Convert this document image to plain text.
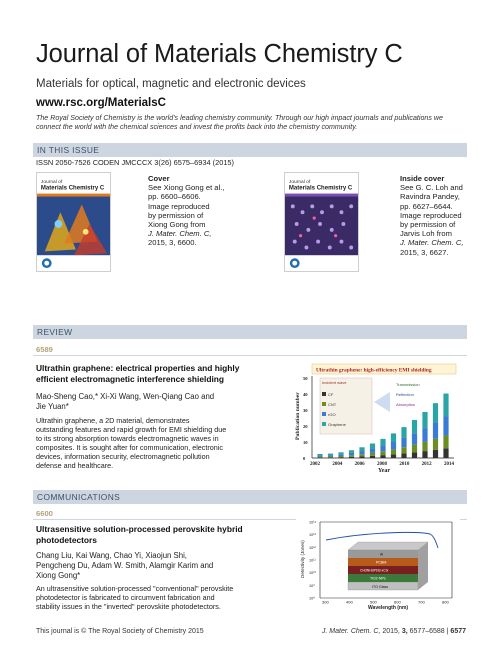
Journal of Materials Chemistry C
Materials for optical, magnetic and electronic devices
www.rsc.org/MaterialsC
The Royal Society of Chemistry is the world's leading chemistry community. Through our high impact journals and publications we connect the world with the chemical sciences and invest the profits back into the chemistry community.
IN THIS ISSUE
ISSN 2050-7526 CODEN JMCCCX 3(26) 6575–6934 (2015)
Journal of
Materials Chemistry C
Cover
See Xiong Gong et al.,
pp. 6600–6606.
Image reproduced
by permission of
Xiong Gong from
J. Mater. Chem. C,
2015, 3, 6600.
Journal of
Materials Chemistry C
Inside cover
See G. C. Loh and
Ravindra Pandey,
pp. 6627–6644.
Image reproduced
by permission of
Jarvis Loh from
J. Mater. Chem. C,
2015, 3, 6627.
REVIEW
6589
Ultrathin graphene: electrical properties and highly
efficient electromagnetic interference shielding
Mao-Sheng Cao,* Xi-Xi Wang, Wen-Qiang Cao and
Jie Yuan*
Ultrathin graphene, a 2D material, demonstrates
outstanding features and rapid growth for EMI shielding due
to its strong absorption towards electromagnetic waves in
composites. It is sought after for communication, electronic
devices, information security, electromagnetic pollution
defense and healthcare.
Ultrathin graphene: high-efficiency EMI shielding
Publication number
Year
2002 2004 2006 2008 2010 2012 2014
0
10
20
30
40
50
Incident wave	Transmission
Reflection
Absorption
CF
CNT
rGO
Graphene
COMMUNICATIONS
6600
Ultrasensitive solution-processed perovskite hybrid
photodetectors
Chang Liu, Kai Wang, Chao Yi, Xiaojun Shi,
Pengcheng Du, Adam W. Smith, Alamgir Karim and
Xiong Gong*
An ultrasensitive solution-processed "conventional" perovskite
photodetector is fabricated to circumvent fabrication and
stability issues in the "inverted" perovskite photodetectors.
Detectivity (Jones)
Wavelength (nm)
300	400	500	600	700	800
10⁸
10⁹
10¹⁰
10¹¹
10¹²
10¹³
10¹⁴
Al
PCBM
CH3NH3PbI3-xClx
TiO2-NPs
ITO Glass
This journal is © The Royal Society of Chemistry 2015	J. Mater. Chem. C, 2015, 3, 6577–6588 | 6577
